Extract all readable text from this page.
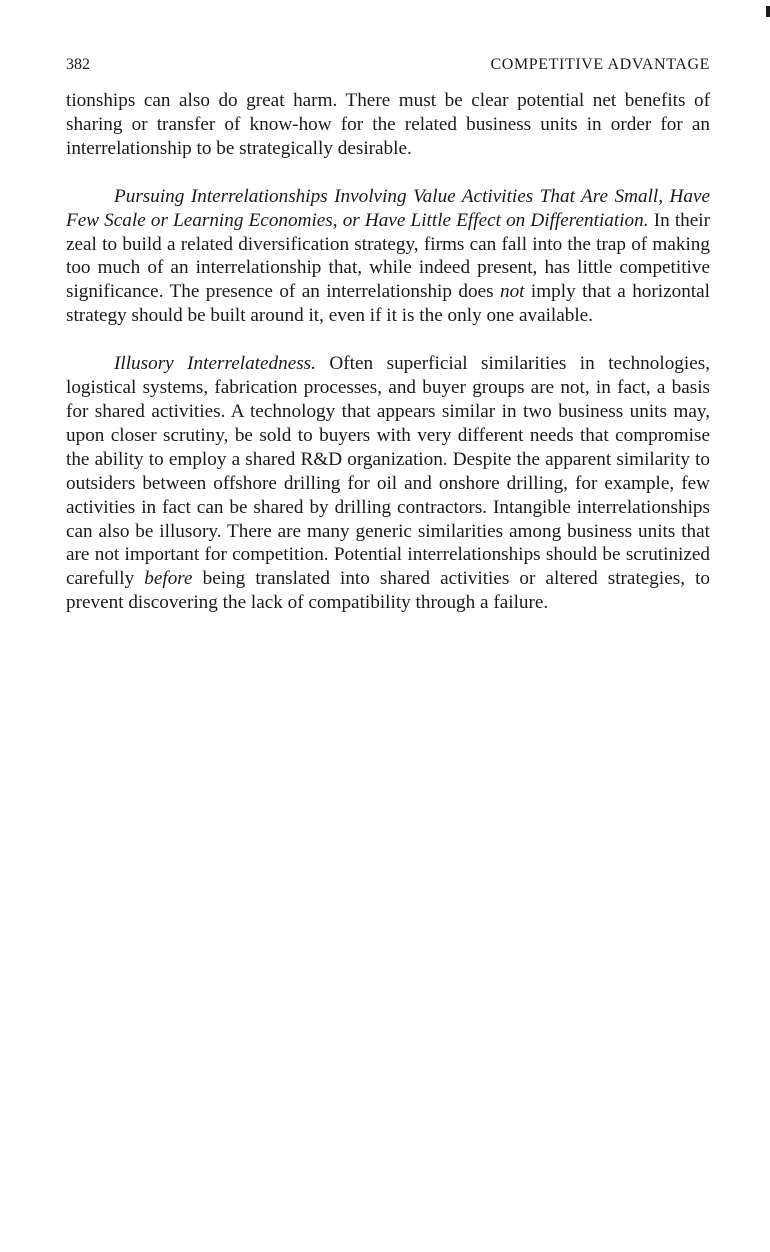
382	COMPETITIVE ADVANTAGE

tionships can also do great harm. There must be clear potential net benefits of sharing or transfer of know-how for the related business units in order for an interrelationship to be strategically desirable.

Pursuing Interrelationships Involving Value Activities That Are Small, Have Few Scale or Learning Economies, or Have Little Effect on Differentiation. In their zeal to build a related diversification strategy, firms can fall into the trap of making too much of an interrelationship that, while indeed present, has little competitive significance. The presence of an interrelationship does not imply that a horizontal strategy should be built around it, even if it is the only one available.

Illusory Interrelatedness. Often superficial similarities in technologies, logistical systems, fabrication processes, and buyer groups are not, in fact, a basis for shared activities. A technology that appears similar in two business units may, upon closer scrutiny, be sold to buyers with very different needs that compromise the ability to employ a shared R&D organization. Despite the apparent similarity to outsiders between offshore drilling for oil and onshore drilling, for example, few activities in fact can be shared by drilling contractors. Intangible interrelationships can also be illusory. There are many generic similarities among business units that are not important for competition. Potential interrelationships should be scrutinized carefully before being translated into shared activities or altered strategies, to prevent discovering the lack of compatibility through a failure.
